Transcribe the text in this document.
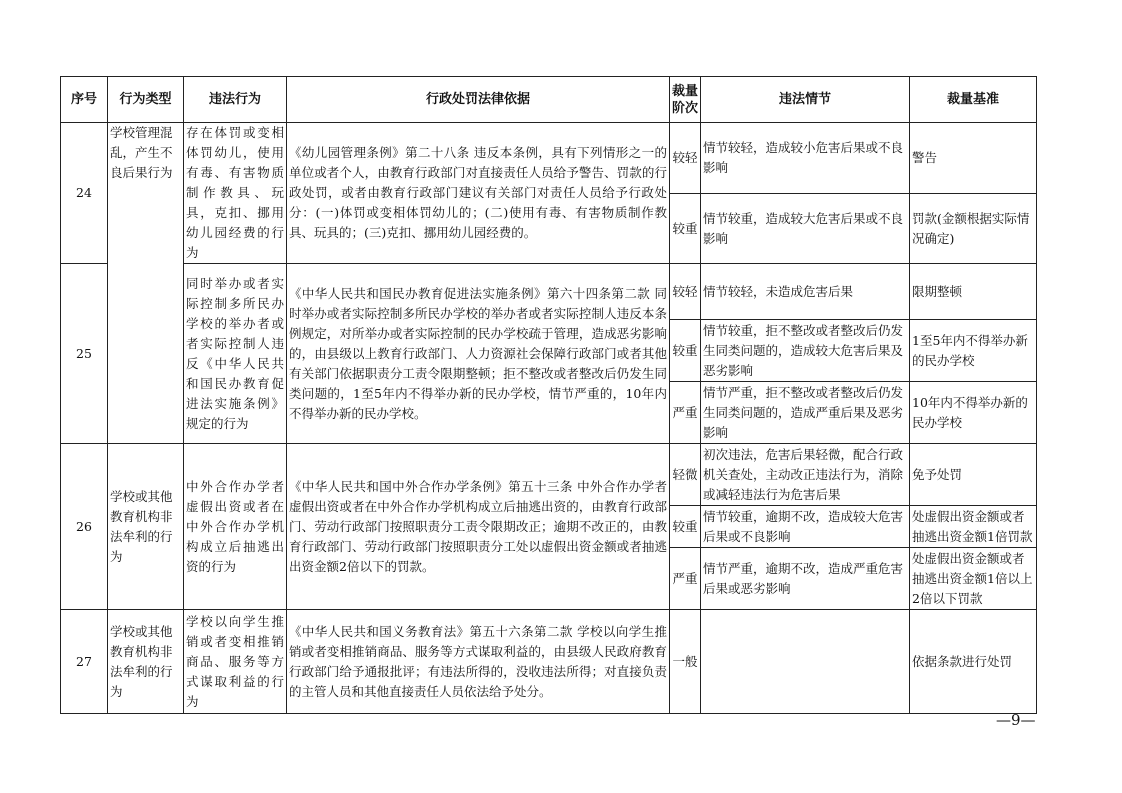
序号	行为类型	违法行为	行政处罚法律依据	裁量阶次	违法情节	裁量基准
24	学校管理混乱，产生不良后果行为	存在体罚或变相体罚幼儿，使用有毒、有害物质制作教具、玩具，克扣、挪用幼儿园经费的行为	《幼儿园管理条例》第二十八条 违反本条例，具有下列情形之一的单位或者个人，由教育行政部门对直接责任人员给予警告、罚款的行政处罚，或者由教育行政部门建议有关部门对责任人员给予行政处分：(一)体罚或变相体罚幼儿的；(二)使用有毒、有害物质制作教具、玩具的；(三)克扣、挪用幼儿园经费的。	较轻	情节较轻，造成较小危害后果或不良影响	警告
				较重	情节较重，造成较大危害后果或不良影响	罚款(金额根据实际情况确定)
25		同时举办或者实际控制多所民办学校的举办者或者实际控制人违反《中华人民共和国民办教育促进法实施条例》规定的行为	《中华人民共和国民办教育促进法实施条例》第六十四条第二款 同时举办或者实际控制多所民办学校的举办者或者实际控制人违反本条例规定，对所举办或者实际控制的民办学校疏于管理，造成恶劣影响的，由县级以上教育行政部门、人力资源社会保障行政部门或者其他有关部门依据职责分工责令限期整顿；拒不整改或者整改后仍发生同类问题的，1至5年内不得举办新的民办学校，情节严重的，10年内不得举办新的民办学校。	较轻	情节较轻，未造成危害后果	限期整顿
				较重	情节较重，拒不整改或者整改后仍发生同类问题的，造成较大危害后果及恶劣影响	1至5年内不得举办新的民办学校
				严重	情节严重，拒不整改或者整改后仍发生同类问题的，造成严重后果及恶劣影响	10年内不得举办新的民办学校

26	学校或其他教育机构非法牟利的行为	中外合作办学者虚假出资或者在中外合作办学机构成立后抽逃出资的行为	《中华人民共和国中外合作办学条例》第五十三条 中外合作办学者虚假出资或者在中外合作办学机构成立后抽逃出资的，由教育行政部门、劳动行政部门按照职责分工责令限期改正；逾期不改正的，由教育行政部门、劳动行政部门按照职责分工处以虚假出资金额或者抽逃出资金额2倍以下的罚款。	轻微	初次违法，危害后果轻微，配合行政机关查处，主动改正违法行为，消除或减轻违法行为危害后果	免予处罚
				较重	情节较重，逾期不改，造成较大危害后果或不良影响	处虚假出资金额或者抽逃出资金额1倍罚款
				严重	情节严重，逾期不改，造成严重危害后果或恶劣影响	处虚假出资金额或者抽逃出资金额1倍以上2倍以下罚款
27	学校或其他教育机构非法牟利的行为	学校以向学生推销或者变相推销商品、服务等方式谋取利益的行为	《中华人民共和国义务教育法》第五十六条第二款 学校以向学生推销或者变相推销商品、服务等方式谋取利益的，由县级人民政府教育行政部门给予通报批评；有违法所得的，没收违法所得；对直接负责的主管人员和其他直接责任人员依法给予处分。	一般		依据条款进行处罚
—9—
